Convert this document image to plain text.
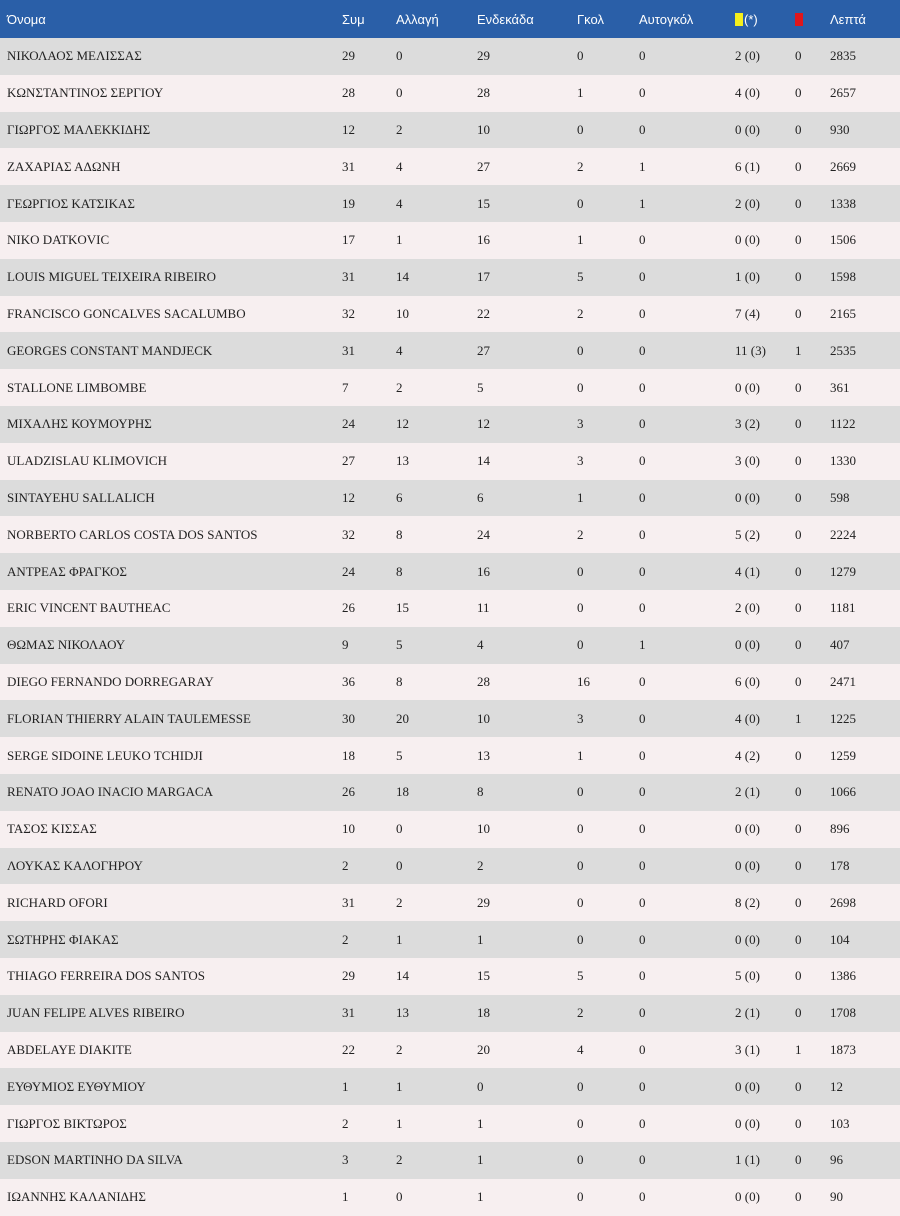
Όνομα	Συμ	Αλλαγή	Ενδεκάδα	Γκολ	Αυτογκόλ	(*)		Λεπτά
ΝΙΚΟΛΑΟΣ ΜΕΛΙΣΣΑΣ	29	0	29	0	0	2 (0)	0	2835
ΚΩΝΣΤΑΝΤΙΝΟΣ ΣΕΡΓΙΟΥ	28	0	28	1	0	4 (0)	0	2657
ΓΙΩΡΓΟΣ ΜΑΛΕΚΚΙΔΗΣ	12	2	10	0	0	0 (0)	0	930
ΖΑΧΑΡΙΑΣ ΑΔΩΝΗ	31	4	27	2	1	6 (1)	0	2669
ΓΕΩΡΓΙΟΣ ΚΑΤΣΙΚΑΣ	19	4	15	0	1	2 (0)	0	1338
NIKO DATKOVIC	17	1	16	1	0	0 (0)	0	1506
LOUIS MIGUEL TEIXEIRA RIBEIRO	31	14	17	5	0	1 (0)	0	1598
FRANCISCO GONCALVES SACALUMBO	32	10	22	2	0	7 (4)	0	2165
GEORGES CONSTANT MANDJECK	31	4	27	0	0	11 (3)	1	2535
STALLONE LIMBOMBE	7	2	5	0	0	0 (0)	0	361
ΜΙΧΑΛΗΣ ΚΟΥΜΟΥΡΗΣ	24	12	12	3	0	3 (2)	0	1122
ULADZISLAU KLIMOVICH	27	13	14	3	0	3 (0)	0	1330
SINTAYEHU SALLALICH	12	6	6	1	0	0 (0)	0	598
NORBERTO CARLOS COSTA DOS SANTOS	32	8	24	2	0	5 (2)	0	2224
ΑΝΤΡΕΑΣ ΦΡΑΓΚΟΣ	24	8	16	0	0	4 (1)	0	1279
ERIC VINCENT BAUTHEAC	26	15	11	0	0	2 (0)	0	1181
ΘΩΜΑΣ ΝΙΚΟΛΑΟΥ	9	5	4	0	1	0 (0)	0	407
DIEGO FERNANDO DORREGARAY	36	8	28	16	0	6 (0)	0	2471
FLORIAN THIERRY ALAIN TAULEMESSE	30	20	10	3	0	4 (0)	1	1225
SERGE SIDOINE LEUKO TCHIDJI	18	5	13	1	0	4 (2)	0	1259
RENATO JOAO INACIO MARGACA	26	18	8	0	0	2 (1)	0	1066
ΤΑΣΟΣ ΚΙΣΣΑΣ	10	0	10	0	0	0 (0)	0	896
ΛΟΥΚΑΣ ΚΑΛΟΓΗΡΟΥ	2	0	2	0	0	0 (0)	0	178
RICHARD OFORI	31	2	29	0	0	8 (2)	0	2698
ΣΩΤΗΡΗΣ ΦΙΑΚΑΣ	2	1	1	0	0	0 (0)	0	104
THIAGO FERREIRA DOS SANTOS	29	14	15	5	0	5 (0)	0	1386
JUAN FELIPE ALVES RIBEIRO	31	13	18	2	0	2 (1)	0	1708
ABDELAYE DIAKITE	22	2	20	4	0	3 (1)	1	1873
ΕΥΘΥΜΙΟΣ ΕΥΘΥΜΙΟΥ	1	1	0	0	0	0 (0)	0	12
ΓΙΩΡΓΟΣ ΒΙΚΤΩΡΟΣ	2	1	1	0	0	0 (0)	0	103
EDSON MARTINHO DA SILVA	3	2	1	0	0	1 (1)	0	96
ΙΩΑΝΝΗΣ ΚΑΛΑΝΙΔΗΣ	1	0	1	0	0	0 (0)	0	90
